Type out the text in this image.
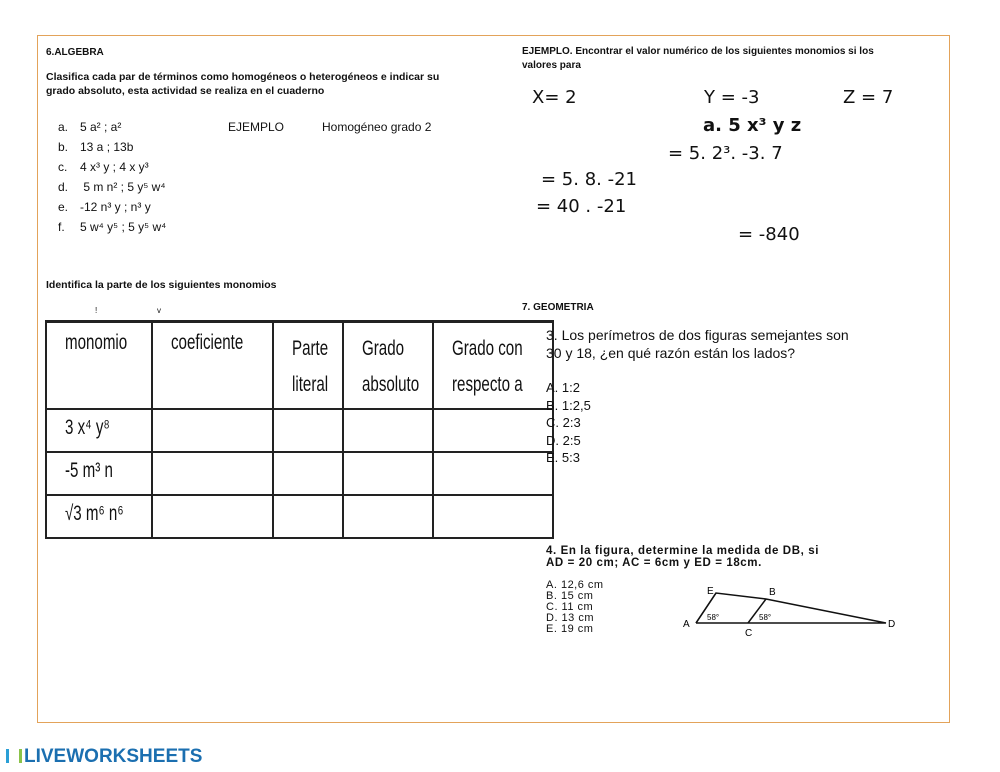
6.ALGEBRA
Clasifica cada par de términos como homogéneos o heterogéneos e indicar su
grado absoluto, esta actividad se realiza en el cuaderno
a. 5 a² ; a²
b. 13 a ; 13b
c. 4 x³ y ; 4 x y³
d. 5 m n² ; 5 y⁵ w⁴
e. -12 n³ y ; n³ y
f. 5 w⁴ y⁵ ; 5 y⁵ w⁴
EJEMPLO	Homogéneo grado 2
Identifica la parte de los siguientes monomios
!	v
monomio	coeficiente	Parte literal	Grado absoluto	Grado con respecto a

3 x⁴ y⁸				

-5 m³ n				

√3 m⁶ n⁶				

EJEMPLO. Encontrar el valor numérico de los siguientes monomios si los
valores para
X= 2	Y = -3	Z = 7
a. 5 x³ y z
= 5. 2³. -3. 7
= 5. 8. -21
= 40 . -21
= -840
7. GEOMETRIA
3. Los perímetros de dos figuras semejantes son
30 y 18, ¿en qué razón están los lados?
A. 1:2
B. 1:2,5
C. 2:3
D. 2:5
E. 5:3
4. En la figura, determine la medida de DB, si
AD = 20 cm; AC = 6cm y ED = 18cm.
A. 12,6 cm
B. 15 cm
C. 11 cm
D. 13 cm
E. 19 cm
E	B
A
C
D
58°	58°
LIVEWORKSHEETS
